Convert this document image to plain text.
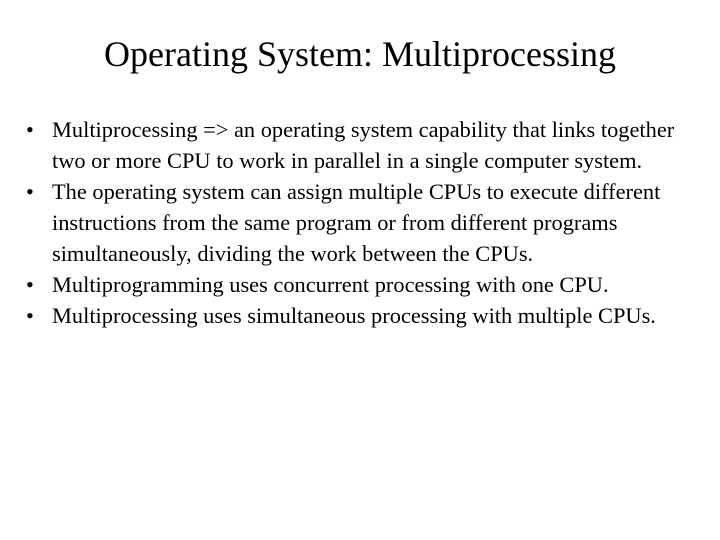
Operating System: Multiprocessing
• Multiprocessing => an operating system capability that links together two or more CPU to work in parallel in a single computer system.
• The operating system can assign multiple CPUs to execute different instructions from the same program or from different programs simultaneously, dividing the work between the CPUs.
• Multiprogramming uses concurrent processing with one CPU.
• Multiprocessing uses simultaneous processing with multiple CPUs.
